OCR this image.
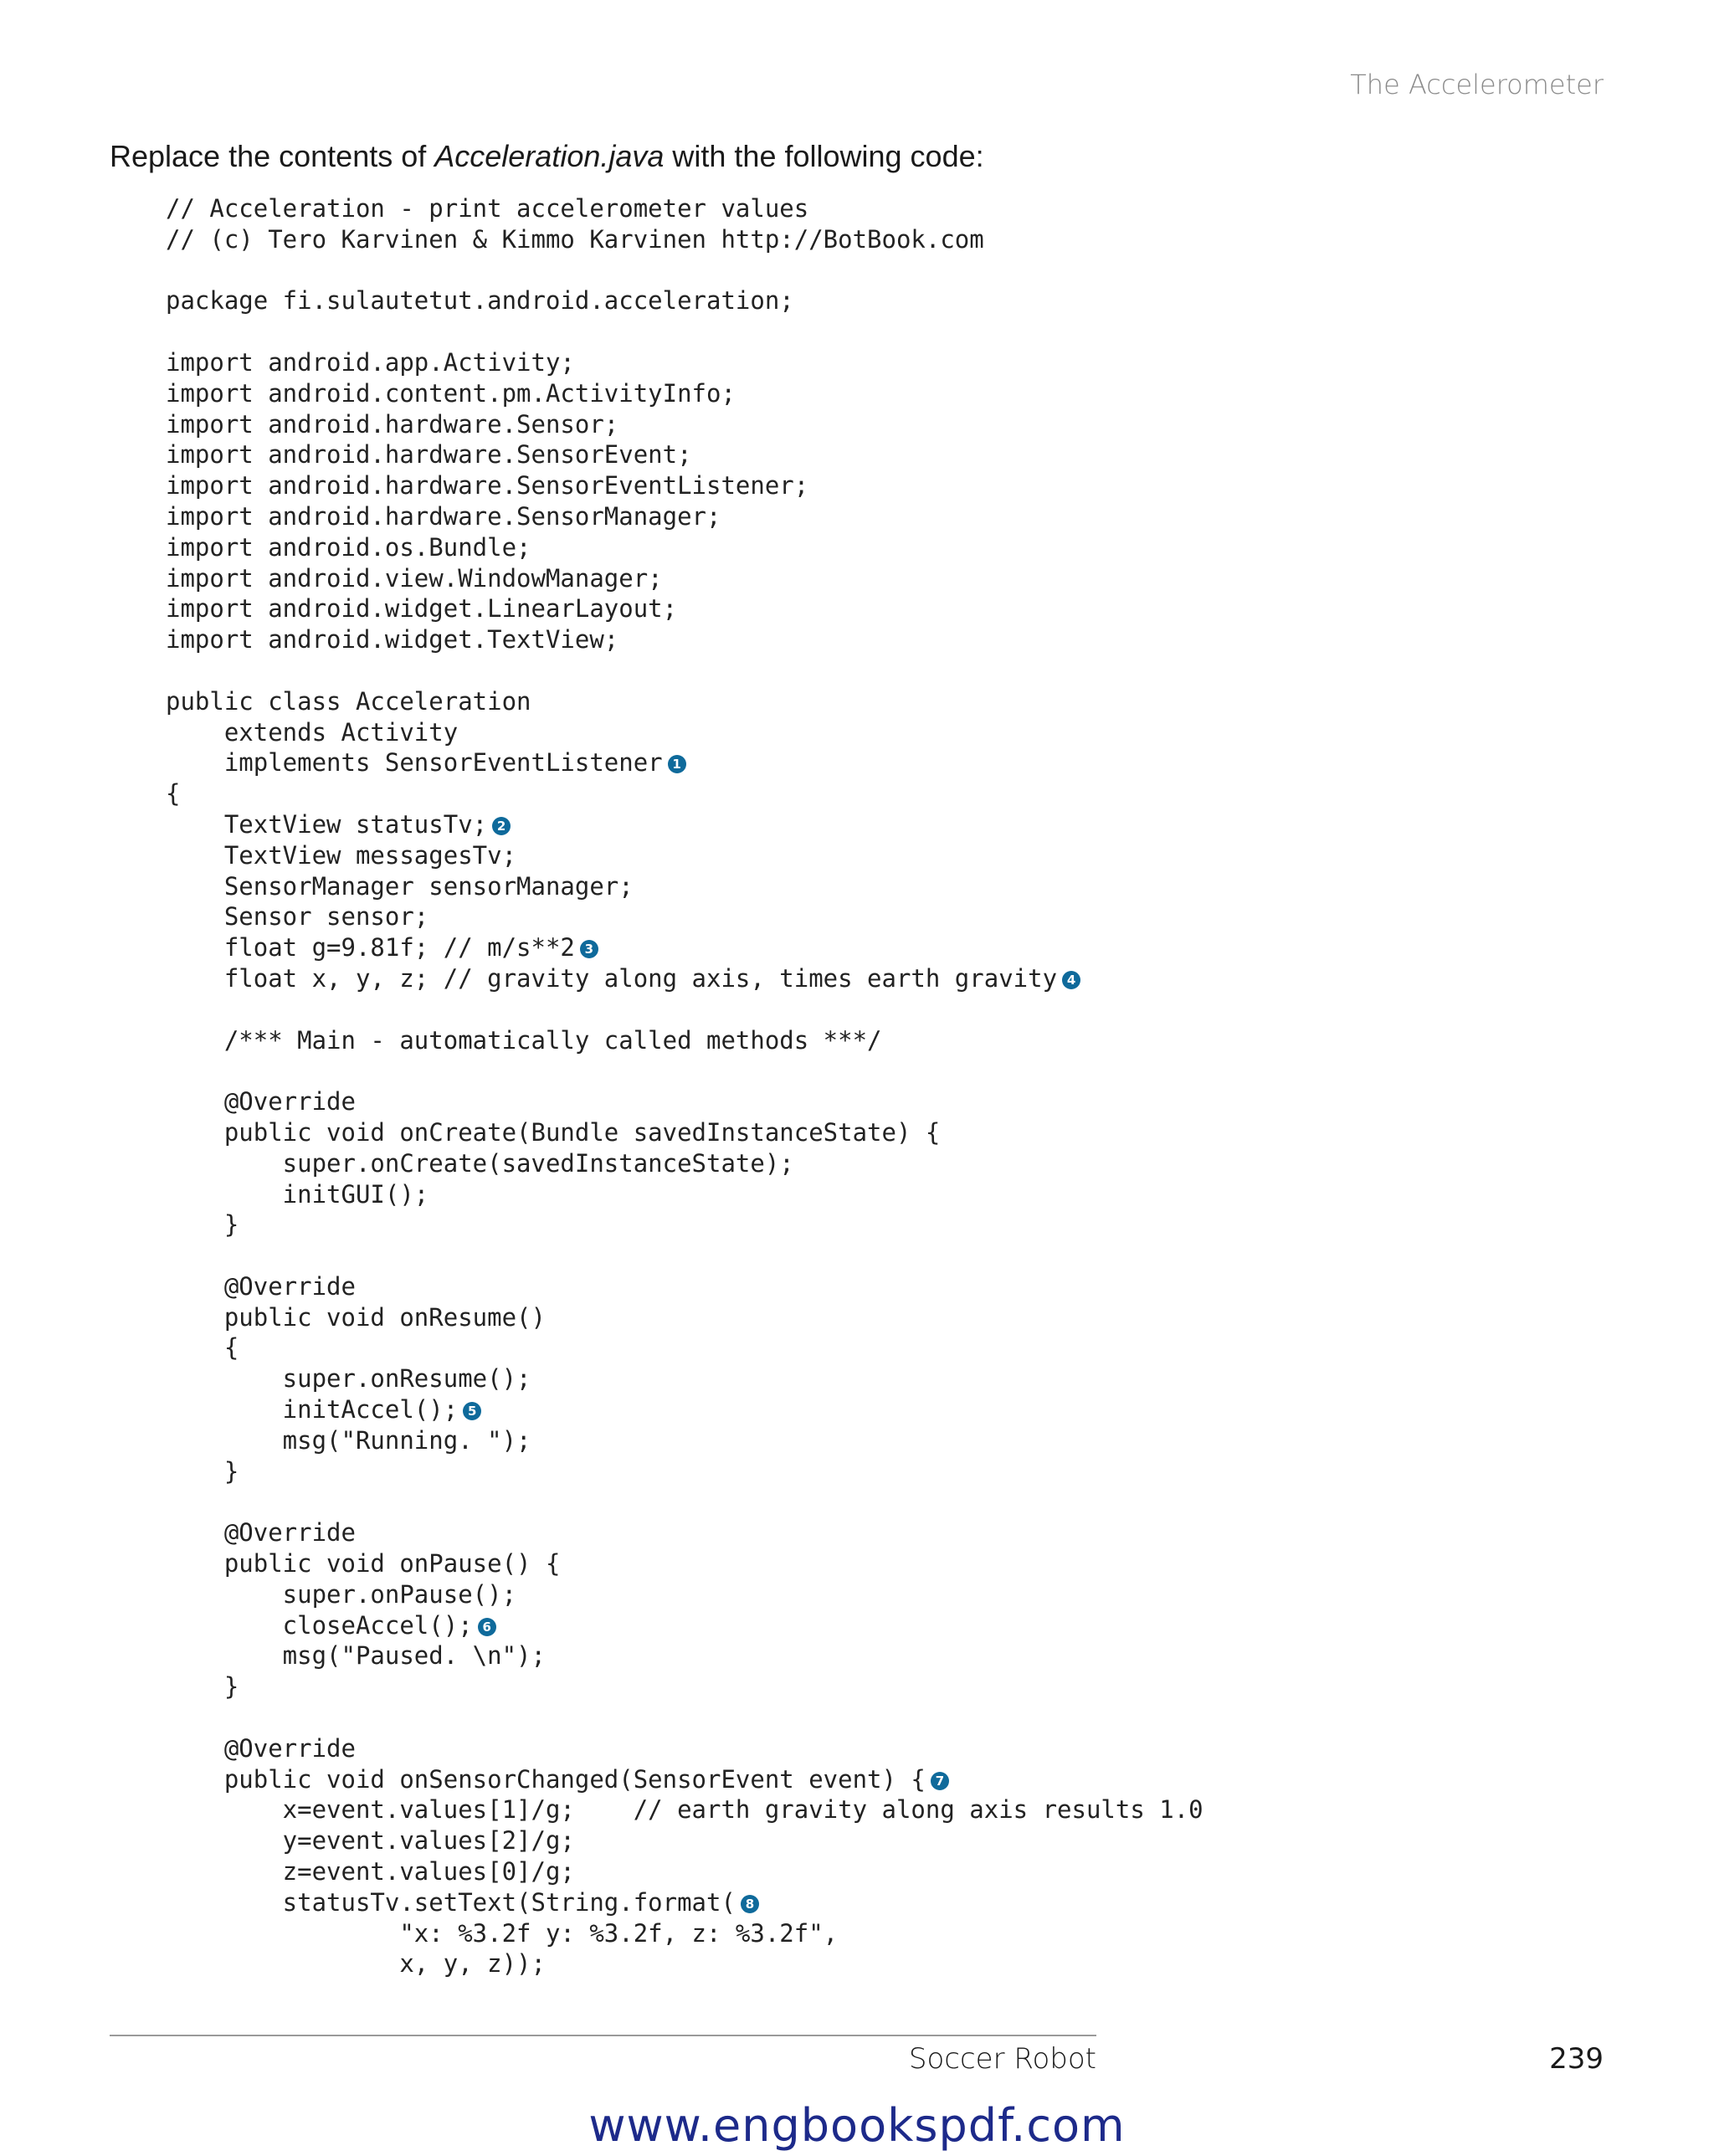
The Accelerometer
Replace the contents of Acceleration.java with the following code:
// Acceleration - print accelerometer values
// (c) Tero Karvinen & Kimmo Karvinen http://BotBook.com
package fi.sulautetut.android.acceleration;
import android.app.Activity;
import android.content.pm.ActivityInfo;
import android.hardware.Sensor;
import android.hardware.SensorEvent;
import android.hardware.SensorEventListener;
import android.hardware.SensorManager;
import android.os.Bundle;
import android.view.WindowManager;
import android.widget.LinearLayout;
import android.widget.TextView;
public class Acceleration
extends Activity
implements SensorEventListener 1
{
TextView statusTv; 2
TextView messagesTv;
SensorManager sensorManager;
Sensor sensor;
float g=9.81f; // m/s**2 3
float x, y, z; // gravity along axis, times earth gravity 4
/*** Main - automatically called methods ***/
@Override
public void onCreate(Bundle savedInstanceState) {
super.onCreate(savedInstanceState);
initGUI();
}
@Override
public void onResume()
{
super.onResume();
initAccel(); 5
msg("Running. ");
}
@Override
public void onPause() {
super.onPause();
closeAccel(); 6
msg("Paused. \n");
}
@Override
public void onSensorChanged(SensorEvent event) { 7
x=event.values[1]/g;    // earth gravity along axis results 1.0
y=event.values[2]/g;
z=event.values[0]/g;
statusTv.setText(String.format( 8
"x: %3.2f y: %3.2f, z: %3.2f",
x, y, z));
Soccer Robot	239
www.engbookspdf.com
